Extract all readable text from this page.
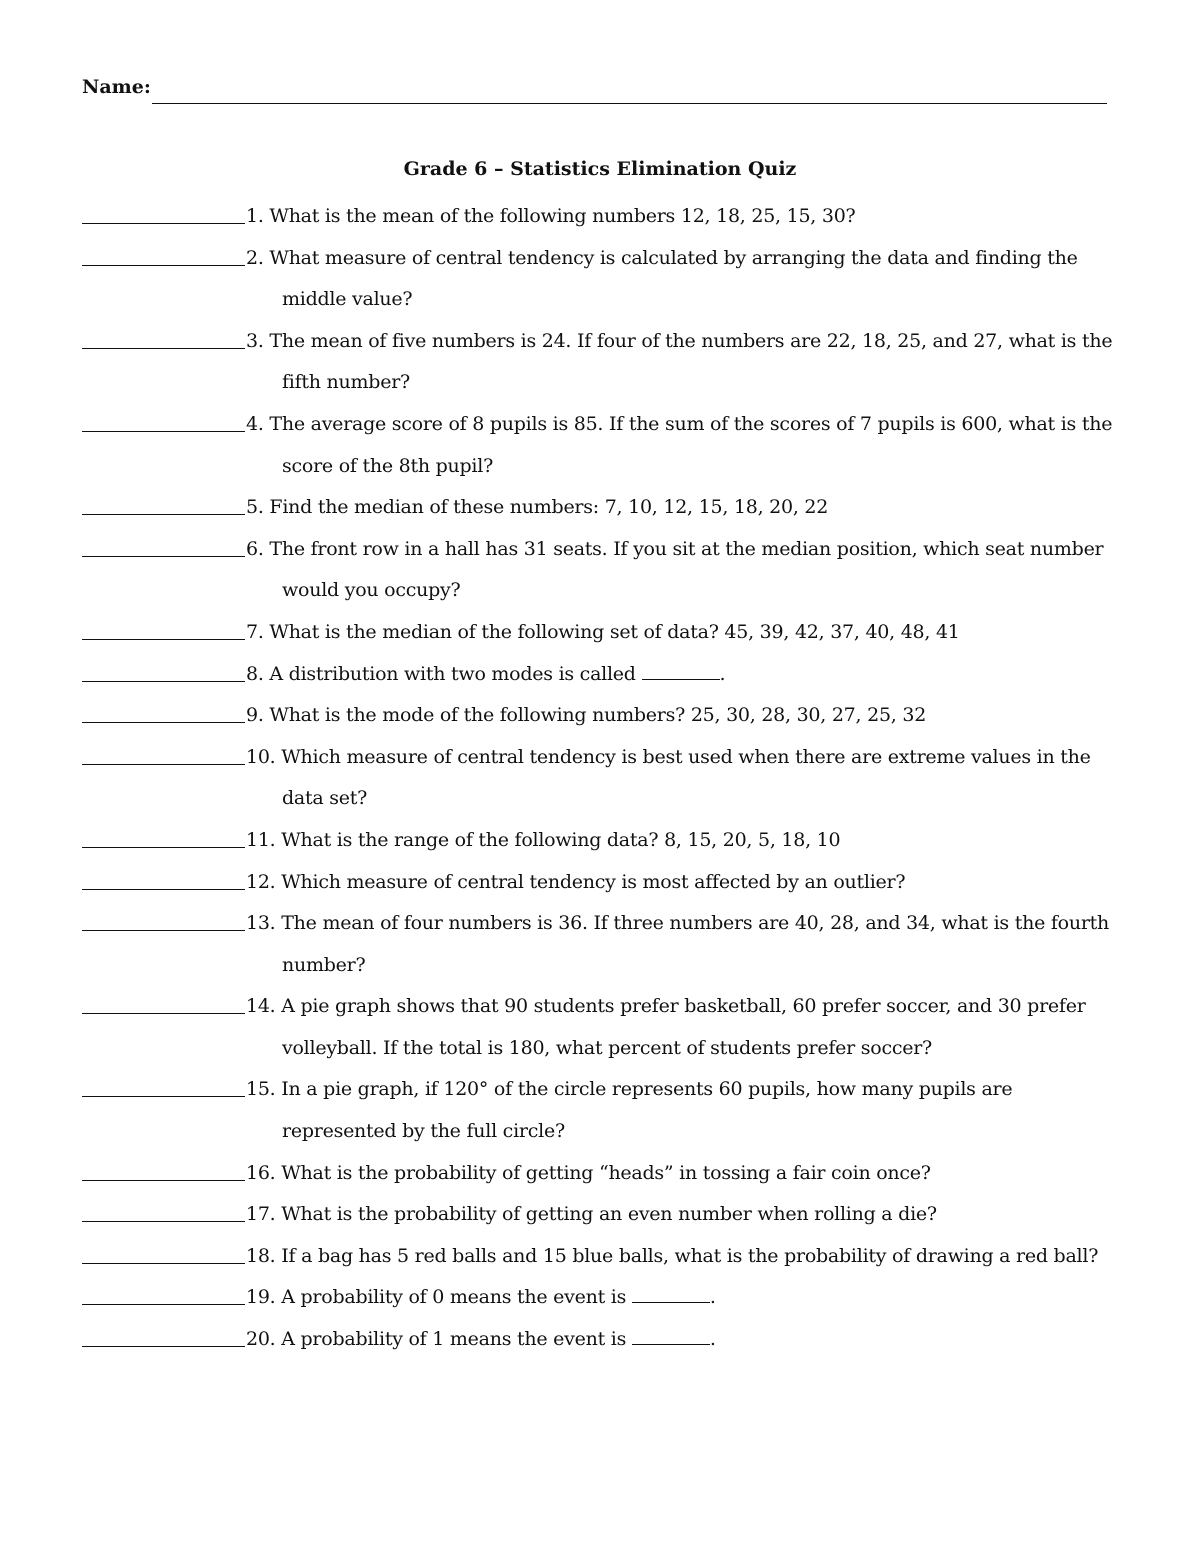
Name:
Grade 6 – Statistics Elimination Quiz
1. What is the mean of the following numbers 12, 18, 25, 15, 30?
2. What measure of central tendency is calculated by arranging the data and finding the middle value?
3. The mean of five numbers is 24. If four of the numbers are 22, 18, 25, and 27, what is the fifth number?
4. The average score of 8 pupils is 85. If the sum of the scores of 7 pupils is 600, what is the score of the 8th pupil?
5. Find the median of these numbers: 7, 10, 12, 15, 18, 20, 22
6. The front row in a hall has 31 seats. If you sit at the median position, which seat number would you occupy?
7. What is the median of the following set of data? 45, 39, 42, 37, 40, 48, 41
8. A distribution with two modes is called	.
9. What is the mode of the following numbers? 25, 30, 28, 30, 27, 25, 32
10. Which measure of central tendency is best used when there are extreme values in the data set?
11. What is the range of the following data? 8, 15, 20, 5, 18, 10
12. Which measure of central tendency is most affected by an outlier?
13. The mean of four numbers is 36. If three numbers are 40, 28, and 34, what is the fourth number?
14. A pie graph shows that 90 students prefer basketball, 60 prefer soccer, and 30 prefer volleyball. If the total is 180, what percent of students prefer soccer?
15. In a pie graph, if 120° of the circle represents 60 pupils, how many pupils are represented by the full circle?
16. What is the probability of getting “heads” in tossing a fair coin once?
17. What is the probability of getting an even number when rolling a die?
18. If a bag has 5 red balls and 15 blue balls, what is the probability of drawing a red ball?
19. A probability of 0 means the event is	.
20. A probability of 1 means the event is	.
